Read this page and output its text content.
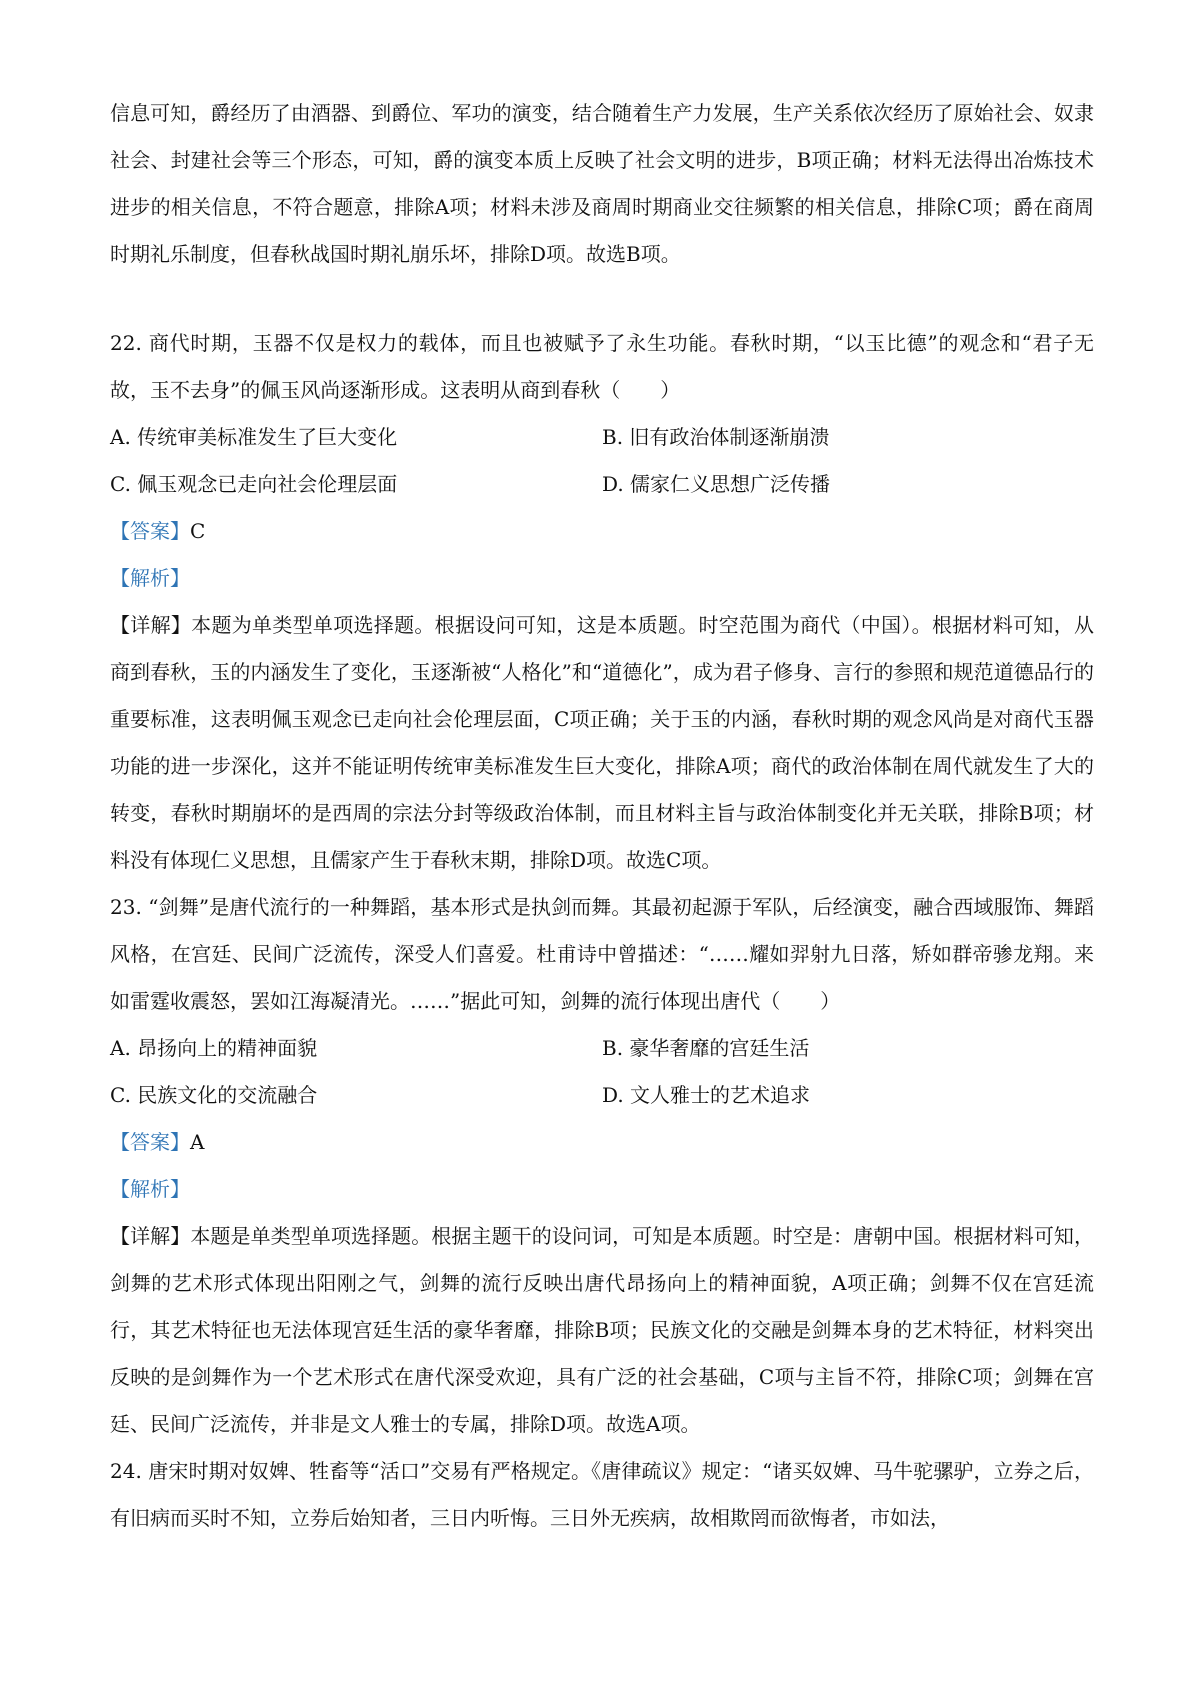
信息可知，爵经历了由酒器、到爵位、军功的演变，结合随着生产力发展，生产关系依次经历了原始社会、奴隶社会、封建社会等三个形态，可知，爵的演变本质上反映了社会文明的进步，B项正确；材料无法得出冶炼技术进步的相关信息，不符合题意，排除A项；材料未涉及商周时期商业交往频繁的相关信息，排除C项；爵在商周时期礼乐制度，但春秋战国时期礼崩乐坏，排除D项。故选B项。

22. 商代时期，玉器不仅是权力的载体，而且也被赋予了永生功能。春秋时期，“以玉比德”的观念和“君子无故，玉不去身”的佩玉风尚逐渐形成。这表明从商到春秋（　　）

A. 传统审美标准发生了巨大变化	B. 旧有政治体制逐渐崩溃

C. 佩玉观念已走向社会伦理层面	D. 儒家仁义思想广泛传播

【答案】C

【解析】

【详解】本题为单类型单项选择题。根据设问可知，这是本质题。时空范围为商代（中国）。根据材料可知，从商到春秋，玉的内涵发生了变化，玉逐渐被“人格化”和“道德化”，成为君子修身、言行的参照和规范道德品行的重要标准，这表明佩玉观念已走向社会伦理层面，C项正确；关于玉的内涵，春秋时期的观念风尚是对商代玉器功能的进一步深化，这并不能证明传统审美标准发生巨大变化，排除A项；商代的政治体制在周代就发生了大的转变，春秋时期崩坏的是西周的宗法分封等级政治体制，而且材料主旨与政治体制变化并无关联，排除B项；材料没有体现仁义思想，且儒家产生于春秋末期，排除D项。故选C项。

23. “剑舞”是唐代流行的一种舞蹈，基本形式是执剑而舞。其最初起源于军队，后经演变，融合西域服饰、舞蹈风格，在宫廷、民间广泛流传，深受人们喜爱。杜甫诗中曾描述：“……耀如羿射九日落，矫如群帝骖龙翔。来如雷霆收震怒，罢如江海凝清光。……”据此可知，剑舞的流行体现出唐代（　　）

A. 昂扬向上的精神面貌	B. 豪华奢靡的宫廷生活

C. 民族文化的交流融合	D. 文人雅士的艺术追求

【答案】A

【解析】

【详解】本题是单类型单项选择题。根据主题干的设问词，可知是本质题。时空是：唐朝中国。根据材料可知，剑舞的艺术形式体现出阳刚之气，剑舞的流行反映出唐代昂扬向上的精神面貌，A项正确；剑舞不仅在宫廷流行，其艺术特征也无法体现宫廷生活的豪华奢靡，排除B项；民族文化的交融是剑舞本身的艺术特征，材料突出反映的是剑舞作为一个艺术形式在唐代深受欢迎，具有广泛的社会基础，C项与主旨不符，排除C项；剑舞在宫廷、民间广泛流传，并非是文人雅士的专属，排除D项。故选A项。

24. 唐宋时期对奴婢、牲畜等“活口”交易有严格规定。《唐律疏议》规定：“诸买奴婢、马牛驼骡驴，立券之后，有旧病而买时不知，立券后始知者，三日内听悔。三日外无疾病，故相欺罔而欲悔者，市如法，
